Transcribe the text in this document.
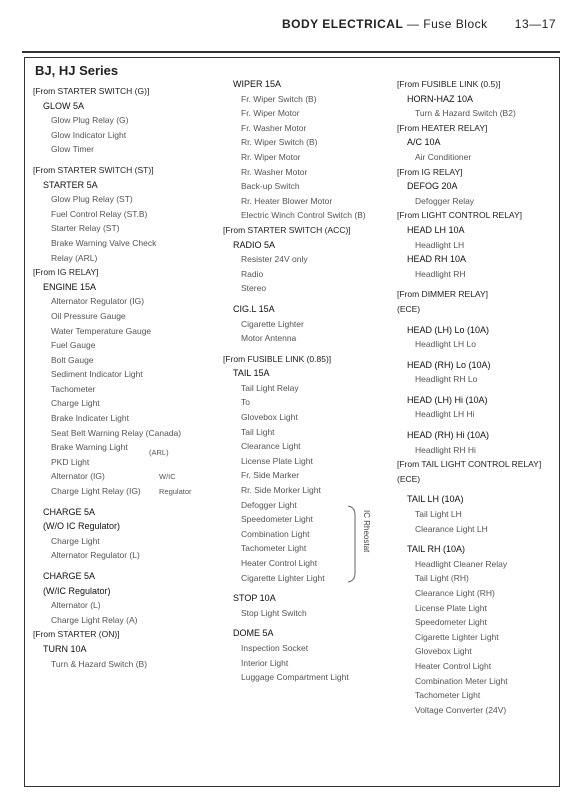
BODY ELECTRICAL — Fuse Block 13—17
BJ, HJ Series
[From STARTER SWITCH (G)]
GLOW 5A
Glow Plug Relay (G)
Glow Indicator Light
Glow Timer
[From STARTER SWITCH (ST)]
STARTER 5A
Glow Plug Relay (ST)
Fuel Control Relay (ST.B)
Starter Relay (ST)
Brake Warning Valve Check
Relay (ARL)
[From IG RELAY]
ENGINE 15A
Alternator Regulator (IG)
Oil Pressure Gauge
Water Temperature Gauge
Fuel Gauge
Bolt Gauge
Sediment Indicator Light
Tachometer
Charge Light
Brake Indicater Light
Seat Belt Warning Relay (Canada)
Brake Warning Light
PKD Light
Alternator (IG)
Charge Light Relay (IG)
CHARGE 5A
(W/O IC Regulator)
Charge Light
Alternator Regulator (L)
CHARGE 5A
(W/IC Regulator)
Alternator (L)
Charge Light Relay (A)
[From STARTER (ON)]
TURN 10A
Turn & Hazard Switch (B)
WIPER 15A
Fr. Wiper Switch (B)
Fr. Wiper Motor
Fr. Washer Motor
Rr. Wiper Switch (B)
Rr. Wiper Motor
Rr. Washer Motor
Back-up Switch
Rr. Heater Blower Motor
Electric Winch Control Switch (B)
[From STARTER SWITCH (ACC)]
RADIO 5A
Resister 24V only
Radio
Stereo
CIG.L 15A
Cigarette Lighter
Motor Antenna
[From FUSIBLE LINK (0.85)]
TAIL 15A
Tail Light Relay
To
Glovebox Light
Tail Light
Clearance Light
License Plate Light
Fr. Side Marker
Rr. Side Morker Light
Defogger Light
Speedometer Light
Combination Light
Tachometer Light
Heater Control Light
Cigarette Lighter Light
STOP 10A
Stop Light Switch
DOME 5A
Inspection Socket
Interior Light
Luggage Compartment Light
[From FUSIBLE LINK (0.5)]
HORN-HAZ 10A
Turn & Hazard Switch (B2)
[From HEATER RELAY]
A/C 10A
Air Conditioner
[From IG RELAY]
DEFOG 20A
Defogger Relay
[From LIGHT CONTROL RELAY]
HEAD LH 10A
Headlight LH
HEAD RH 10A
Headlight RH
[From DIMMER RELAY]
(ECE)
HEAD (LH) Lo (10A)
Headlight LH Lo
HEAD (RH) Lo (10A)
Headlight RH Lo
HEAD (LH) Hi (10A)
Headlight LH Hi
HEAD (RH) Hi (10A)
Headlight RH Hi
[From TAIL LIGHT CONTROL RELAY]
(ECE)
TAIL LH (10A)
Tail Light LH
Clearance Light LH
TAIL RH (10A)
Headlight Cleaner Relay
Tail Light (RH)
Clearance Light (RH)
License Plate Light
Speedometer Light
Cigarette Lighter Light
Glovebox Light
Heater Control Light
Combination Meter Light
Tachometer Light
Voltage Converter (24V)
(ARL)
W/IC
Regulator
IC Rheostat
